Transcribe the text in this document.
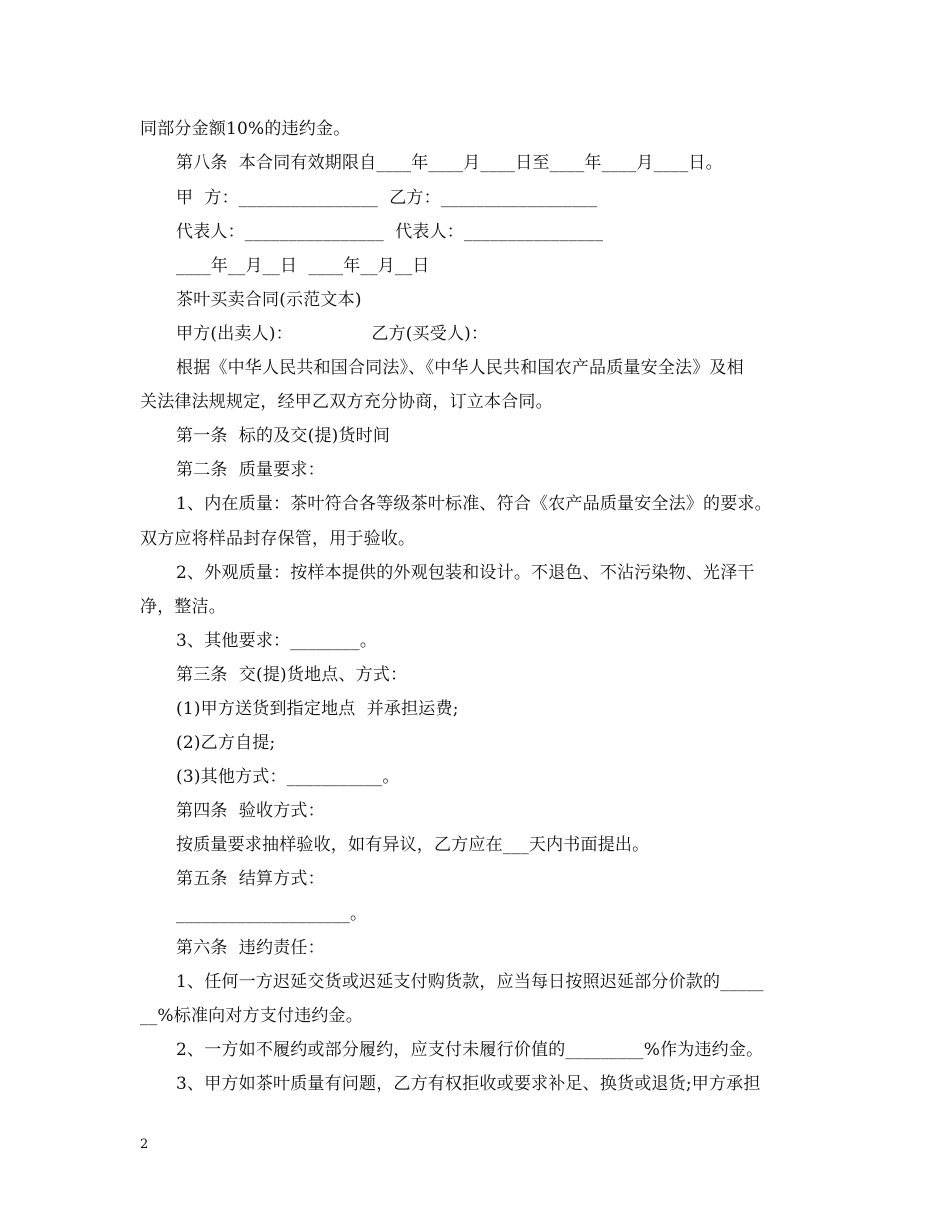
同部分金额10%的违约金。
第八条  本合同有效期限自____年____月____日至____年____月____日。
甲  方：________________  乙方：__________________
代表人：________________  代表人：________________
____年__月__日  ____年__月__日
茶叶买卖合同(示范文本)
甲方(出卖人)：              乙方(买受人)：
根据《中华人民共和国合同法》、《中华人民共和国农产品质量安全法》及相
关法律法规规定，经甲乙双方充分协商，订立本合同。
第一条  标的及交(提)货时间
第二条  质量要求：
1、内在质量：茶叶符合各等级茶叶标准、符合《农产品质量安全法》的要求。
双方应将样品封存保管，用于验收。
2、外观质量：按样本提供的外观包装和设计。不退色、不沾污染物、光泽干
净，整洁。
3、其他要求：________。
第三条  交(提)货地点、方式：
(1)甲方送货到指定地点  并承担运费;
(2)乙方自提;
(3)其他方式：___________。
第四条  验收方式：
按质量要求抽样验收，如有异议，乙方应在___天内书面提出。
第五条  结算方式：
____________________。
第六条  违约责任：
1、任何一方迟延交货或迟延支付购货款，应当每日按照迟延部分价款的_____
__%标准向对方支付违约金。
2、一方如不履约或部分履约，应支付未履行价值的_________%作为违约金。
3、甲方如茶叶质量有问题，乙方有权拒收或要求补足、换货或退货;甲方承担
2
